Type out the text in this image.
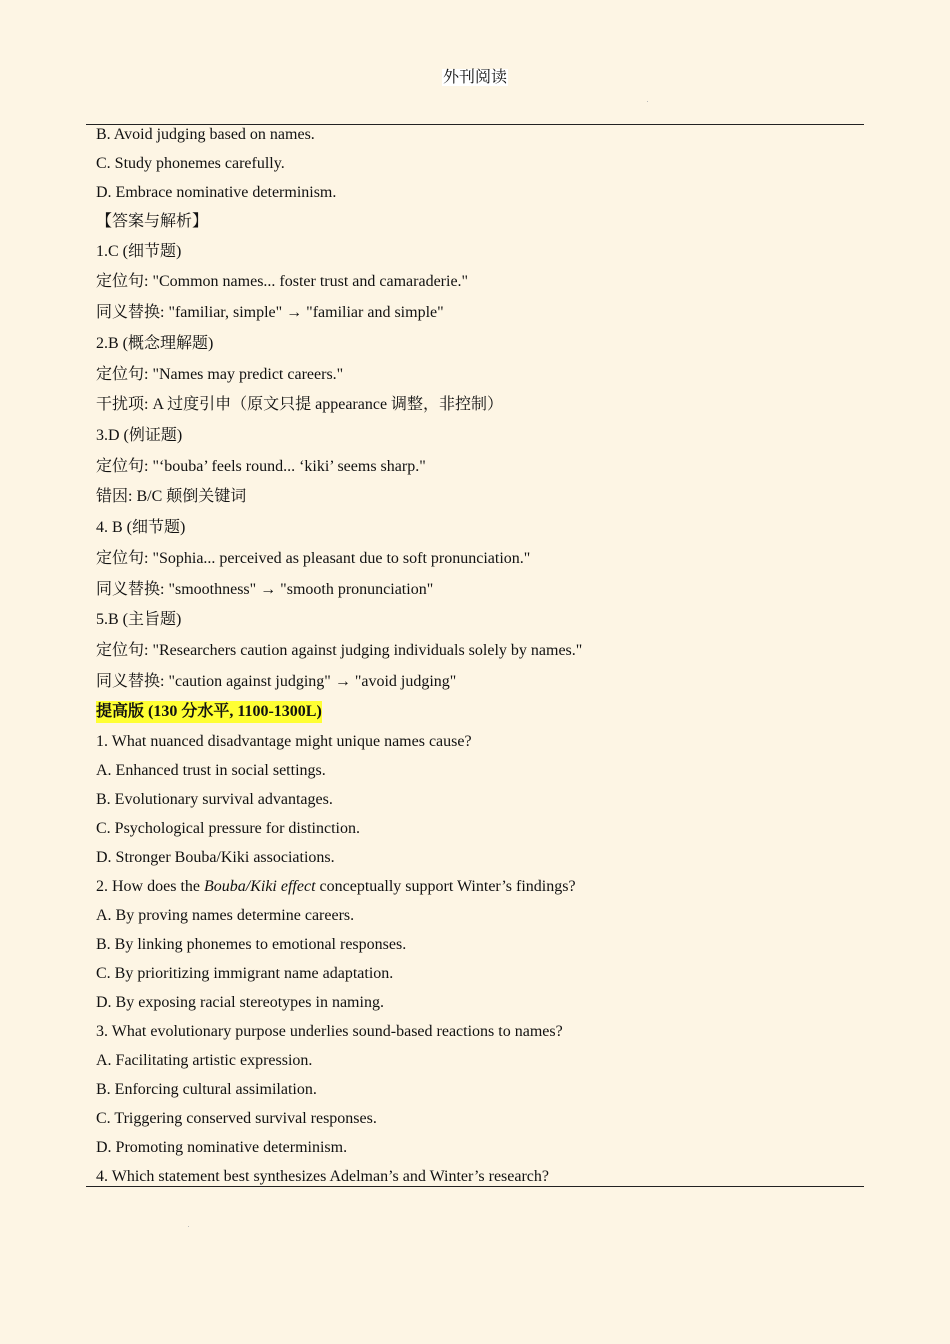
外刊阅读
B. Avoid judging based on names.
C. Study phonemes carefully.
D. Embrace nominative determinism.
【答案与解析】
1.C (细节题)
定位句: "Common names... foster trust and camaraderie."
同义替换: "familiar, simple" → "familiar and simple"
2.B (概念理解题)
定位句: "Names may predict careers."
干扰项: A 过度引申（原文只提 appearance 调整，非控制）
3.D (例证题)
定位句: "‘bouba’ feels round... ‘kiki’ seems sharp."
错因: B/C 颠倒关键词
4. B (细节题)
定位句: "Sophia... perceived as pleasant due to soft pronunciation."
同义替换: "smoothness" → "smooth pronunciation"
5.B (主旨题)
定位句: "Researchers caution against judging individuals solely by names."
同义替换: "caution against judging" → "avoid judging"
提高版 (130 分水平, 1100-1300L)
1. What nuanced disadvantage might unique names cause?
A. Enhanced trust in social settings.
B. Evolutionary survival advantages.
C. Psychological pressure for distinction.
D. Stronger Bouba/Kiki associations.
2. How does the Bouba/Kiki effect conceptually support Winter’s findings?
A. By proving names determine careers.
B. By linking phonemes to emotional responses.
C. By prioritizing immigrant name adaptation.
D. By exposing racial stereotypes in naming.
3. What evolutionary purpose underlies sound-based reactions to names?
A. Facilitating artistic expression.
B. Enforcing cultural assimilation.
C. Triggering conserved survival responses.
D. Promoting nominative determinism.
4. Which statement best synthesizes Adelman’s and Winter’s research?
